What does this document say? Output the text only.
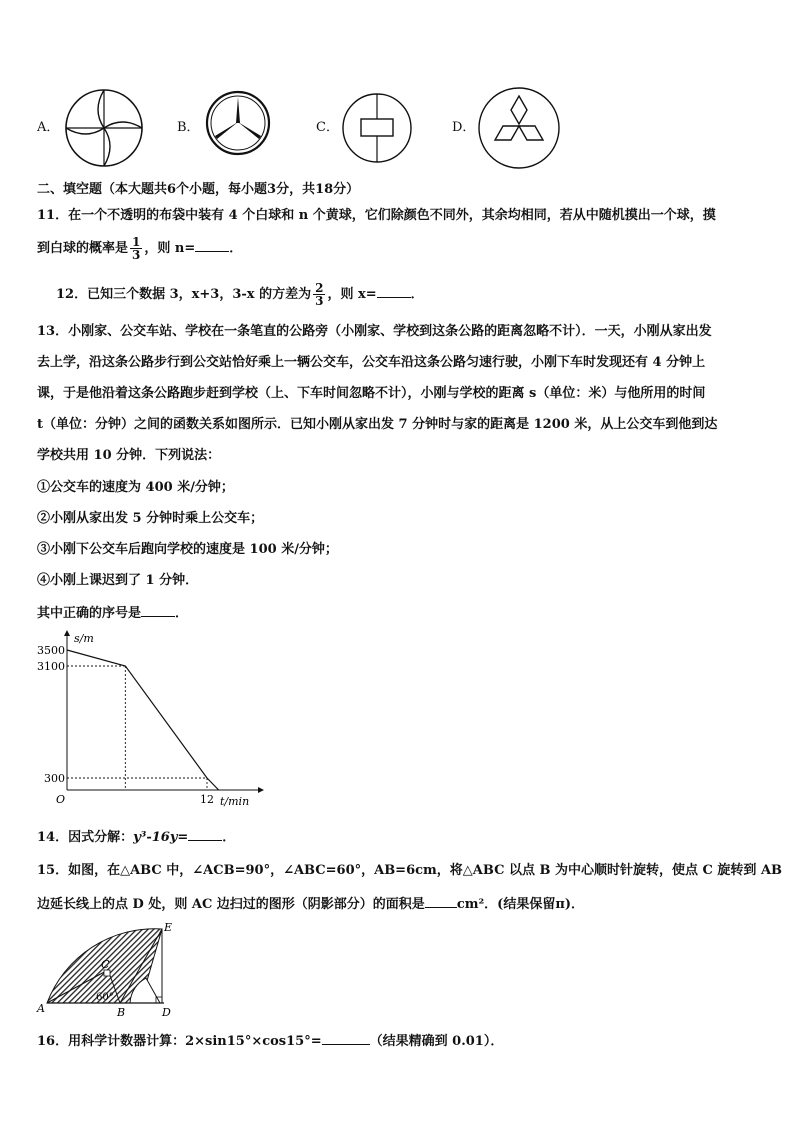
A．	B．	C．	D．
二、填空题（本大题共6个小题，每小题3分，共18分）
11．在一个不透明的布袋中装有 4 个白球和 n 个黄球，它们除颜色不同外，其余均相同，若从中随机摸出一个球，摸
到白球的概率是 $\frac{1}{3}$ ，则 n=	．
12．已知三个数据 3，x+3，3-x 的方差为 $\frac{2}{3}$ ，则 x=	．
13．小刚家、公交车站、学校在一条笔直的公路旁（小刚家、学校到这条公路的距离忽略不计）．一天，小刚从家出发
去上学，沿这条公路步行到公交站恰好乘上一辆公交车，公交车沿这条公路匀速行驶，小刚下车时发现还有 4 分钟上
课，于是他沿着这条公路跑步赶到学校（上、下车时间忽略不计），小刚与学校的距离 s（单位：米）与他所用的时间
t（单位：分钟）之间的函数关系如图所示．已知小刚从家出发 7 分钟时与家的距离是 1200 米，从上公交车到他到达
学校共用 10 分钟．下列说法：
①公交车的速度为 400 米/分钟；
②小刚从家出发 5 分钟时乘上公交车；
③小刚下公交车后跑向学校的速度是 100 米/分钟；
④小刚上课迟到了 1 分钟．
其中正确的序号是	．
s/m
t/min
O
3500
3100
300
12
14．因式分解：y³-16y=	．
15．如图，在△ABC 中，∠ACB=90°，∠ABC=60°，AB=6cm，将△ABC 以点 B 为中心顺时针旋转，使点 C 旋转到 AB
边延长线上的点 D 处，则 AC 边扫过的图形（阴影部分）的面积是 cm²．(结果保留π)．
A	B
C
D
E
60°
16．用科学计数器计算：2×sin15°×cos15°=	（结果精确到 0.01）．
